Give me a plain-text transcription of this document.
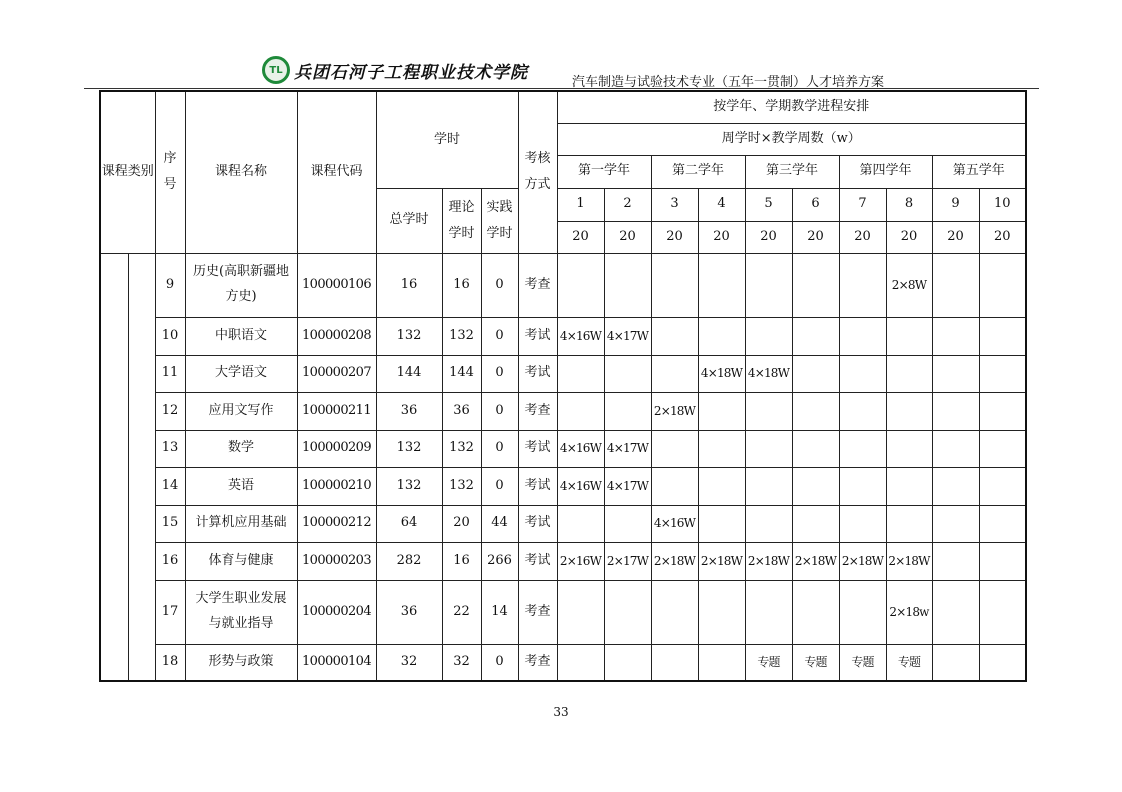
TL 兵团石河子工程职业技术学院	汽车制造与试验技术专业（五年一贯制）人才培养方案
课程类别		序号	课程名称	课程代码	学时			考核方式	按学年、学期教学进程安排									
									周学时×教学周数（w）									
									第一学年		第二学年		第三学年		第四学年		第五学年	
					总学时	理论学时	实践学时		1	2	3	4	5	6	7	8	9	10
									20	20	20	20	20	20	20	20	20	20
		9	历史(高职新疆地方史)	100000106	16	16	0	考查								2×8W		
		10	中职语文	100000208	132	132	0	考试	4×16W	4×17W								
		11	大学语文	100000207	144	144	0	考试				4×18W	4×18W					
		12	应用文写作	100000211	36	36	0	考查			2×18W							
		13	数学	100000209	132	132	0	考试	4×16W	4×17W								
		14	英语	100000210	132	132	0	考试	4×16W	4×17W								
		15	计算机应用基础	100000212	64	20	44	考试			4×16W							
		16	体育与健康	100000203	282	16	266	考试	2×16W	2×17W	2×18W	2×18W	2×18W	2×18W	2×18W	2×18W		
		17	大学生职业发展与就业指导	100000204	36	22	14	考查								2×18w		
		18	形势与政策	100000104	32	32	0	考查					专题	专题	专题	专题		
33
